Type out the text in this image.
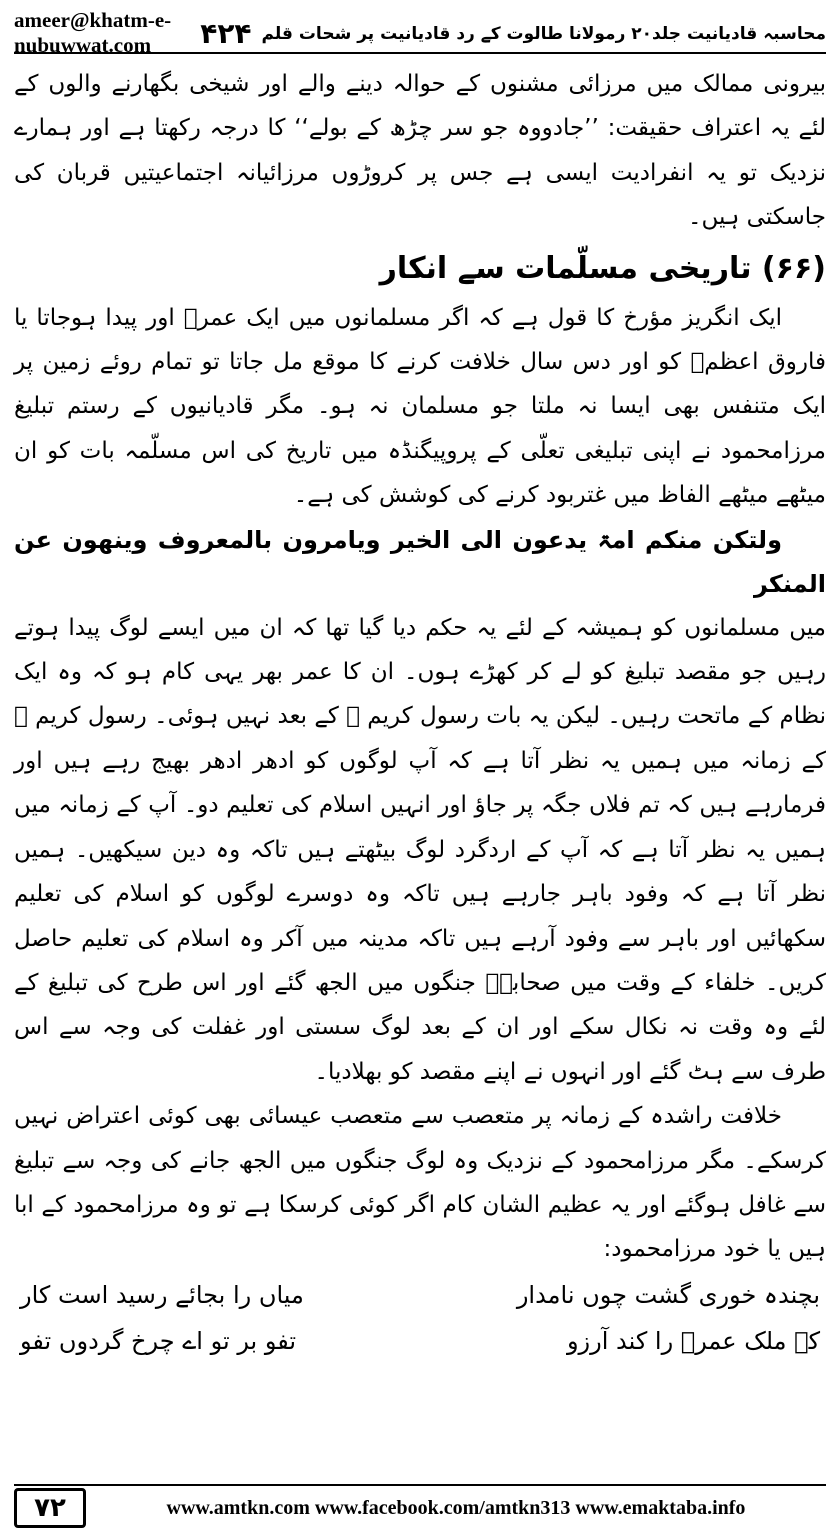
ameer@khatm-e-nubuwwat.com	محاسبہ قادیانیت جلد۲۰ رمولانا طالوت کے رد قادیانیت پر شحات قلم
۴۲۴

بیرونی ممالک میں مرزائی مشنوں کے حوالہ دینے والے اور شیخی بگھارنے والوں کے لئے یہ اعتراف حقیقت: ’’جادووہ جو سر چڑھ کے بولے‘‘ کا درجہ رکھتا ہے اور ہمارے نزدیک تو یہ انفرادیت ایسی ہے جس پر کروڑوں مرزائیانہ اجتماعیتیں قربان کی جاسکتی ہیں۔

(۶۶) تاریخی مسلّمات سے انکار

ایک انگریز مؤرخ کا قول ہے کہ اگر مسلمانوں میں ایک عمرؓ اور پیدا ہوجاتا یا فاروق اعظمؓ کو اور دس سال خلافت کرنے کا موقع مل جاتا تو تمام روئے زمین پر ایک متنفس بھی ایسا نہ ملتا جو مسلمان نہ ہو۔ مگر قادیانیوں کے رستم تبلیغ مرزامحمود نے اپنی تبلیغی تعلّی کے پروپیگنڈہ میں تاریخ کی اس مسلّمہ بات کو ان میٹھے میٹھے الفاظ میں غتربود کرنے کی کوشش کی ہے۔

ولتکن منکم امۃ یدعون الی الخیر ویامرون بالمعروف وینھون عن المنکر

میں مسلمانوں کو ہمیشہ کے لئے یہ حکم دیا گیا تھا کہ ان میں ایسے لوگ پیدا ہوتے رہیں جو مقصد تبلیغ کو لے کر کھڑے ہوں۔ ان کا عمر بھر یہی کام ہو کہ وہ ایک نظام کے ماتحت رہیں۔ لیکن یہ بات رسول کریم ﷺ کے بعد نہیں ہوئی۔ رسول کریم ﷺ کے زمانہ میں ہمیں یہ نظر آتا ہے کہ آپ لوگوں کو ادھر ادھر بھیج رہے ہیں اور فرمارہے ہیں کہ تم فلاں جگہ پر جاؤ اور انہیں اسلام کی تعلیم دو۔ آپ کے زمانہ میں ہمیں یہ نظر آتا ہے کہ آپ کے اردگرد لوگ بیٹھتے ہیں تاکہ وہ دین سیکھیں۔ ہمیں نظر آتا ہے کہ وفود باہر جارہے ہیں تاکہ وہ دوسرے لوگوں کو اسلام کی تعلیم سکھائیں اور باہر سے وفود آرہے ہیں تاکہ مدینہ میں آکر وہ اسلام کی تعلیم حاصل کریں۔ خلفاء کے وقت میں صحابہؓ جنگوں میں الجھ گئے اور اس طرح کی تبلیغ کے لئے وہ وقت نہ نکال سکے اور ان کے بعد لوگ سستی اور غفلت کی وجہ سے اس طرف سے ہٹ گئے اور انہوں نے اپنے مقصد کو بھلادیا۔

خلافت راشدہ کے زمانہ پر متعصب سے متعصب عیسائی بھی کوئی اعتراض نہیں کرسکے۔ مگر مرزامحمود کے نزدیک وہ لوگ جنگوں میں الجھ جانے کی وجہ سے تبلیغ سے غافل ہوگئے اور یہ عظیم الشان کام اگر کوئی کرسکا ہے تو وہ مرزامحمود کے ابا ہیں یا خود مرزامحمود:

بچندہ خوری گشت چوں نامدار
میاں را بجائے رسید است کار
کہ ملک عمرؓ را کند آرزو
تفو بر تو اے چرخ گردوں تفو
۷۲	www.amtkn.com www.facebook.com/amtkn313 www.emaktaba.info
